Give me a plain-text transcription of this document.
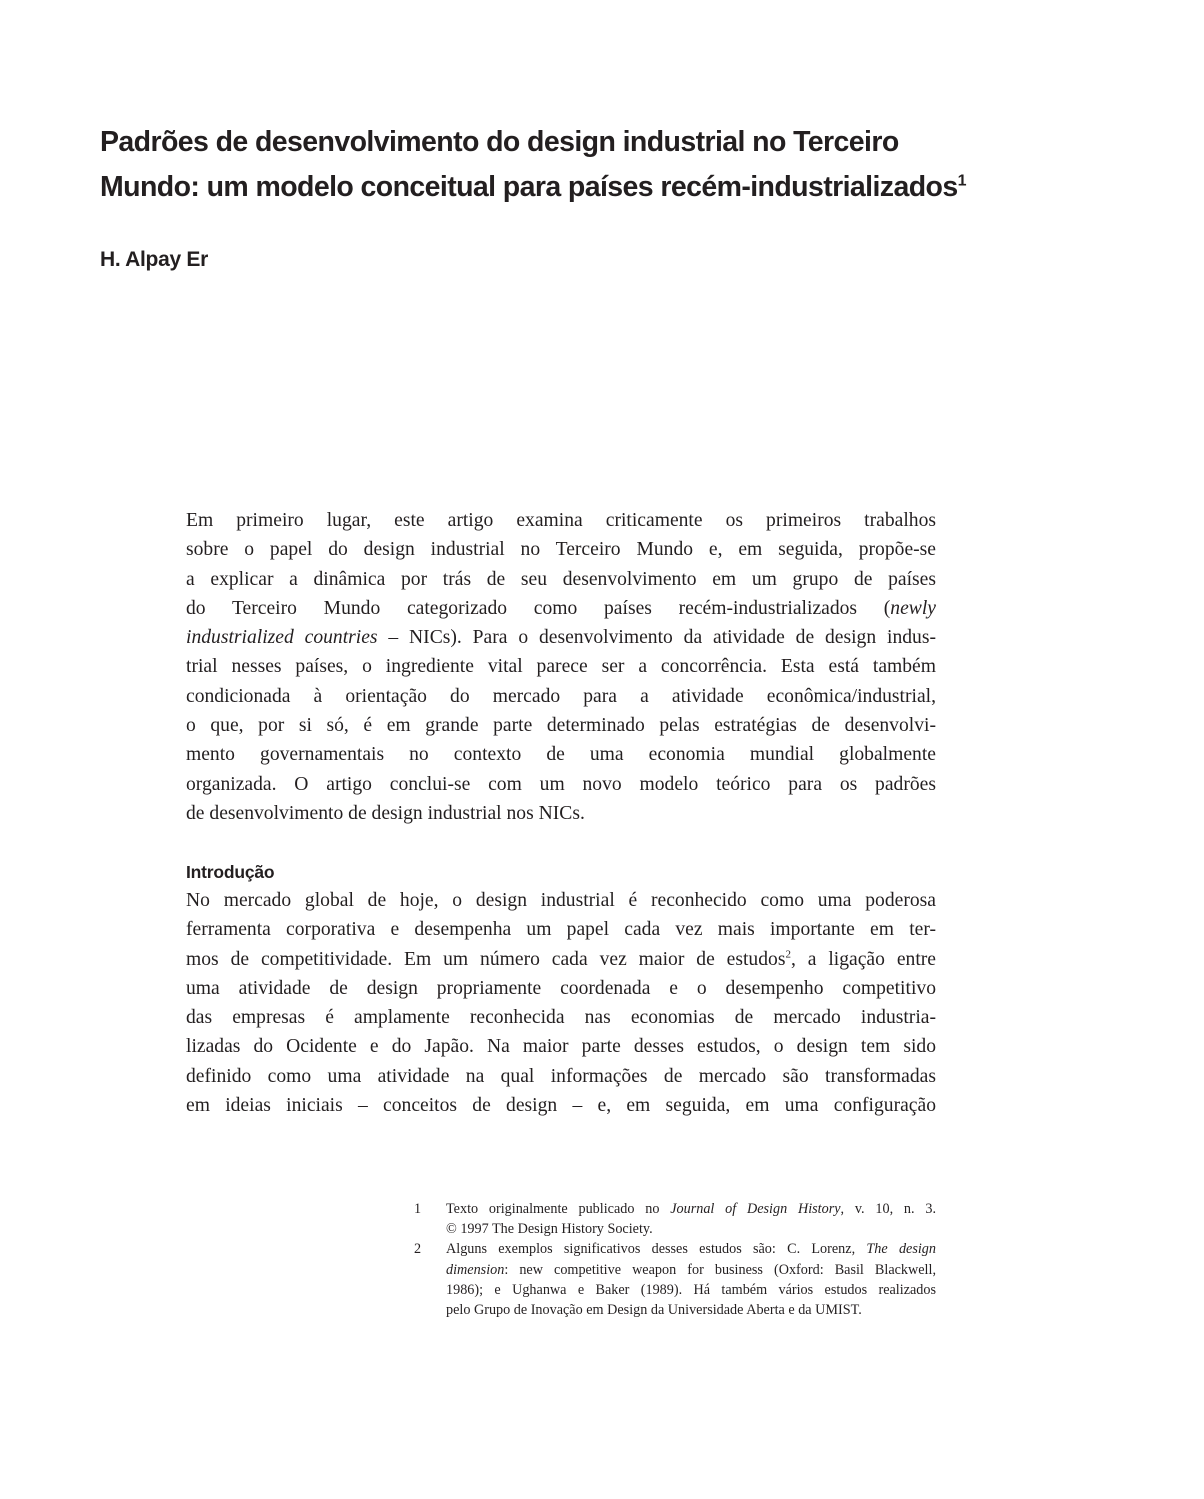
Padrões de desenvolvimento do design industrial no Terceiro
Mundo: um modelo conceitual para países recém-industrializados$^1$

H. Alpay Er

Em primeiro lugar, este artigo examina criticamente os primeiros trabalhos
sobre o papel do design industrial no Terceiro Mundo e, em seguida, propõe-se
a explicar a dinâmica por trás de seu desenvolvimento em um grupo de países
do Terceiro Mundo categorizado como países recém-industrializados (newly
industrialized countries – NICs). Para o desenvolvimento da atividade de design indus-
trial nesses países, o ingrediente vital parece ser a concorrência. Esta está também
condicionada à orientação do mercado para a atividade econômica/industrial,
o que, por si só, é em grande parte determinado pelas estratégias de desenvolvi-
mento governamentais no contexto de uma economia mundial globalmente
organizada. O artigo conclui-se com um novo modelo teórico para os padrões
de desenvolvimento de design industrial nos NICs.
Introdução
No mercado global de hoje, o design industrial é reconhecido como uma poderosa
ferramenta corporativa e desempenha um papel cada vez mais importante em ter-
mos de competitividade. Em um número cada vez maior de estudos$^2$, a ligação entre
uma atividade de design propriamente coordenada e o desempenho competitivo
das empresas é amplamente reconhecida nas economias de mercado industria-
lizadas do Ocidente e do Japão. Na maior parte desses estudos, o design tem sido
definido como uma atividade na qual informações de mercado são transformadas
em ideias iniciais – conceitos de design – e, em seguida, em uma configuração
1 Texto originalmente publicado no Journal of Design History, v. 10, n. 3.
© 1997 The Design History Society.
2 Alguns exemplos significativos desses estudos são: C. Lorenz, The design
dimension: new competitive weapon for business (Oxford: Basil Blackwell,
1986); e Ughanwa e Baker (1989). Há também vários estudos realizados
pelo Grupo de Inovação em Design da Universidade Aberta e da UMIST.
